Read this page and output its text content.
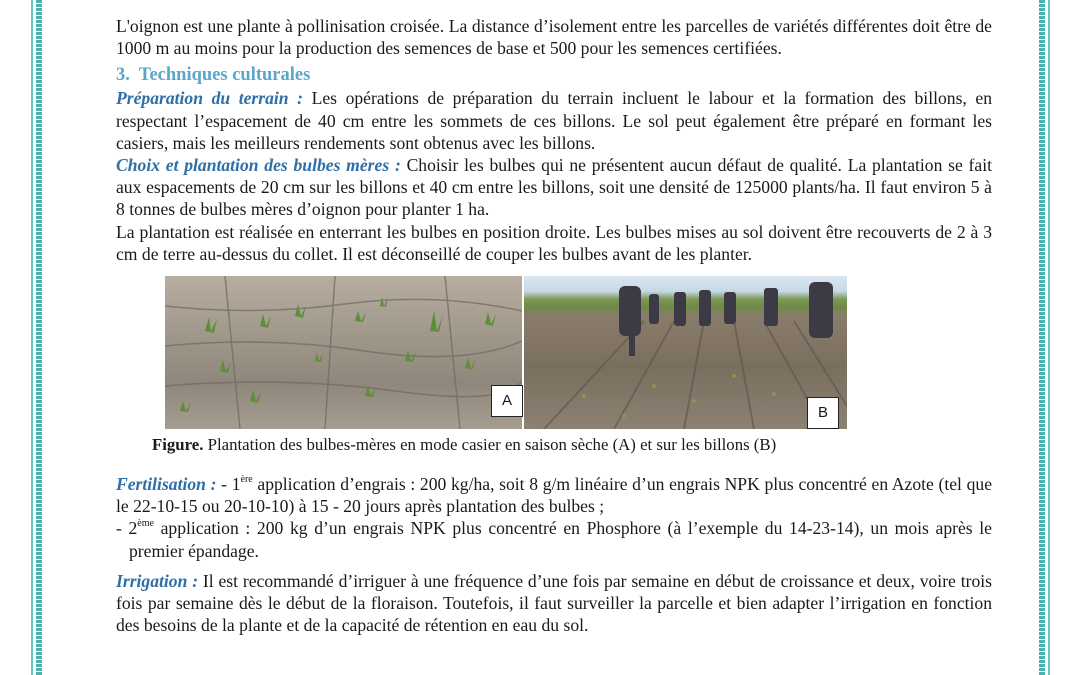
L'oignon est une plante à pollinisation croisée. La distance d’isolement entre les parcelles de variétés différentes doit être de 1000 m au moins pour la production des semences de base et 500 pour les semences certifiées.

3. Techniques culturales

Préparation du terrain : Les opérations de préparation du terrain incluent le labour et la formation des billons, en respectant l’espacement de 40 cm entre les sommets de ces billons. Le sol peut également être préparé en formant les casiers, mais les meilleurs rendements sont obtenus avec les billons.

Choix et plantation des bulbes mères : Choisir les bulbes qui ne présentent aucun défaut de qualité. La plantation se fait aux espacements de 20 cm sur les billons et 40 cm entre les billons, soit une densité de 125000 plants/ha. Il faut environ 5 à 8 tonnes de bulbes mères d’oignon pour planter 1 ha.

La plantation est réalisée en enterrant les bulbes en position droite. Les bulbes mises au sol doivent être recouverts de 2 à 3 cm de terre au-dessus du collet. Il est déconseillé de couper les bulbes avant de les planter.

A
B

Figure. Plantation des bulbes-mères en mode casier en saison sèche (A) et sur les billons (B)

Fertilisation : - 1ère application d’engrais : 200 kg/ha, soit 8 g/m linéaire d’un engrais NPK plus concentré en Azote (tel que le 22-10-15 ou 20-10-10) à 15 - 20 jours après plantation des bulbes ;

- 2ème application : 200 kg d’un engrais NPK plus concentré en Phosphore (à l’exemple du 14-23-14), un mois après le premier épandage.

Irrigation : Il est recommandé d’irriguer à une fréquence d’une fois par semaine en début de croissance et deux, voire trois fois par semaine dès le début de la floraison. Toutefois, il faut surveiller la parcelle et bien adapter l’irrigation en fonction des besoins de la plante et de la capacité de rétention en eau du sol.
